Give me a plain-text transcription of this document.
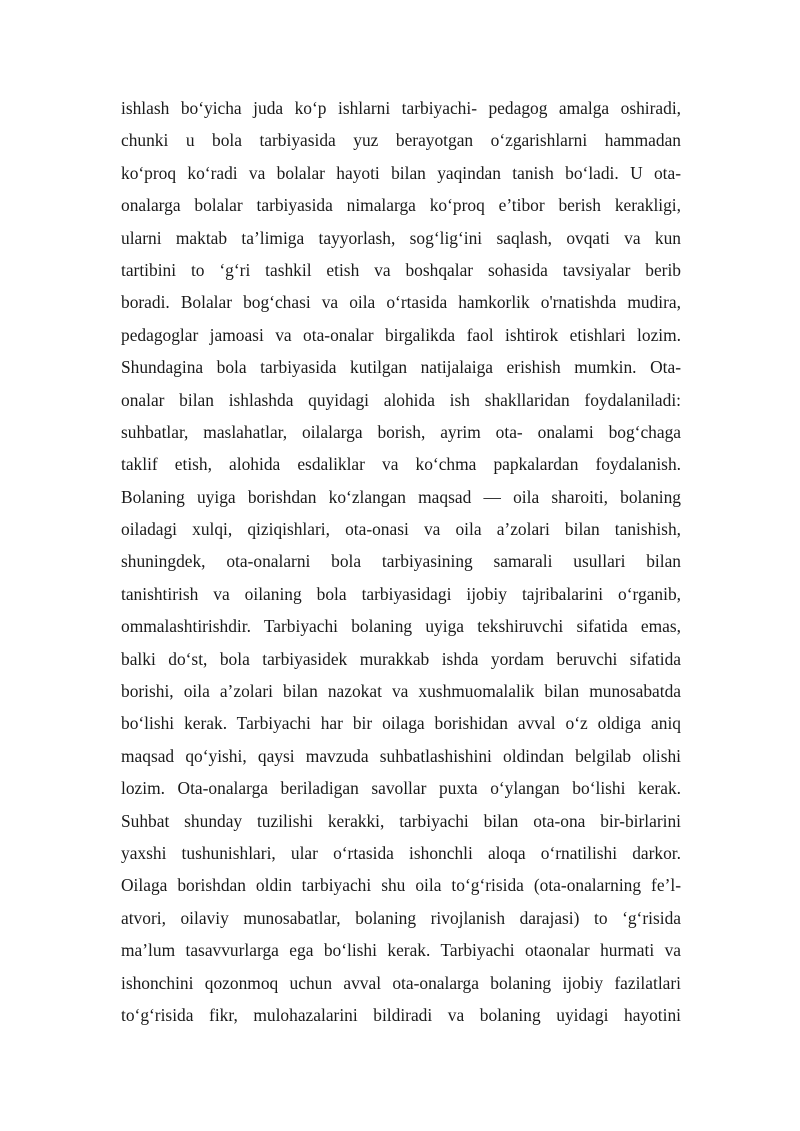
ishlash bo‘yicha juda ko‘p ishlarni tarbiyachi- pedagog amalga oshiradi,
chunki u bola tarbiyasida yuz berayotgan o‘zgarishlarni hammadan
ko‘proq ko‘radi va bolalar hayoti bilan yaqindan tanish bo‘ladi. U ota-
onalarga bolalar tarbiyasida nimalarga ko‘proq e’tibor berish kerakligi,
ularni maktab ta’limiga tayyorlash, sog‘lig‘ini saqlash, ovqati va kun
tartibini to ‘g‘ri tashkil etish va boshqalar sohasida tavsiyalar berib
boradi. Bolalar bog‘chasi va oila o‘rtasida hamkorlik o'rnatishda mudira,
pedagoglar jamoasi va ota-onalar birgalikda faol ishtirok etishlari lozim.
Shundagina bola tarbiyasida kutilgan natijalaiga erishish mumkin. Ota-
onalar bilan ishlashda quyidagi alohida ish shakllaridan foydalaniladi:
suhbatlar, maslahatlar, oilalarga borish, ayrim ota- onalami bog‘chaga
taklif etish, alohida esdaliklar va ko‘chma papkalardan foydalanish.
Bolaning uyiga borishdan ko‘zlangan maqsad — oila sharoiti, bolaning
oiladagi xulqi, qiziqishlari, ota-onasi va oila a’zolari bilan tanishish,
shuningdek, ota-onalarni bola tarbiyasining samarali usullari bilan
tanishtirish va oilaning bola tarbiyasidagi ijobiy tajribalarini o‘rganib,
ommalashtirishdir. Tarbiyachi bolaning uyiga tekshiruvchi sifatida emas,
balki do‘st, bola tarbiyasidek murakkab ishda yordam beruvchi sifatida
borishi, oila a’zolari bilan nazokat va xushmuomalalik bilan munosabatda
bo‘lishi kerak. Tarbiyachi har bir oilaga borishidan avval o‘z oldiga aniq
maqsad qo‘yishi, qaysi mavzuda suhbatlashishini oldindan belgilab olishi
lozim. Ota-onalarga beriladigan savollar puxta o‘ylangan bo‘lishi kerak.
Suhbat shunday tuzilishi kerakki, tarbiyachi bilan ota-ona bir-birlarini
yaxshi tushunishlari, ular o‘rtasida ishonchli aloqa o‘rnatilishi darkor.
Oilaga borishdan oldin tarbiyachi shu oila to‘g‘risida (ota-onalarning fe’l-
atvori, oilaviy munosabatlar, bolaning rivojlanish darajasi) to ‘g‘risida
ma’lum tasavvurlarga ega bo‘lishi kerak. Tarbiyachi otaonalar hurmati va
ishonchini qozonmoq uchun avval ota-onalarga bolaning ijobiy fazilatlari
to‘g‘risida fikr, mulohazalarini bildiradi va bolaning uyidagi hayotini
